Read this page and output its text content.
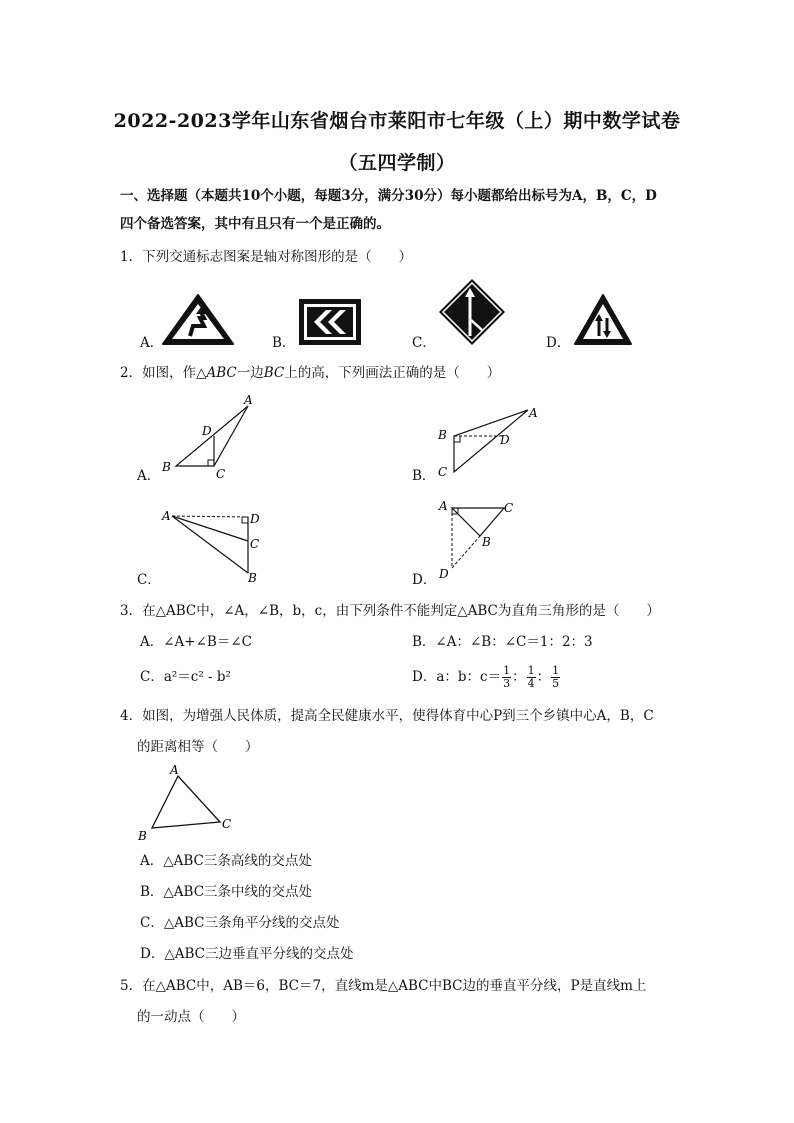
2022-2023学年山东省烟台市莱阳市七年级（上）期中数学试卷
（五四学制）
一、选择题（本题共10个小题，每题3分，满分30分）每小题都给出标号为A，B，C，D
四个备选答案，其中有且只有一个是正确的。
1．下列交通标志图案是轴对称图形的是（　　）
A．	B．	C．	D．
2．如图，作△ABC一边BC上的高，下列画法正确的是（　　）
A．
A
B	C
D
B．
A
B
C
D
C．
A
B
C
D
D．
A
B
C
D
3．在△ABC中，∠A，∠B，b，c，由下列条件不能判定△ABC为直角三角形的是（　　）
A．∠A+∠B＝∠C	B．∠A：∠B：∠C＝1：2：3
C．a²＝c² - b²	D．a：b：$c= \frac{1}{3}$ ： $\frac{1}{4}$ ： $\frac{1}{5}$
4．如图，为增强人民体质，提高全民健康水平，使得体育中心P到三个乡镇中心A，B，C
的距离相等（　　）
A
B
C
A．△ABC三条高线的交点处
B．△ABC三条中线的交点处
C．△ABC三条角平分线的交点处
D．△ABC三边垂直平分线的交点处
5．在△ABC中，AB＝6，BC＝7，直线m是△ABC中BC边的垂直平分线，P是直线m上
的一动点（　　）
